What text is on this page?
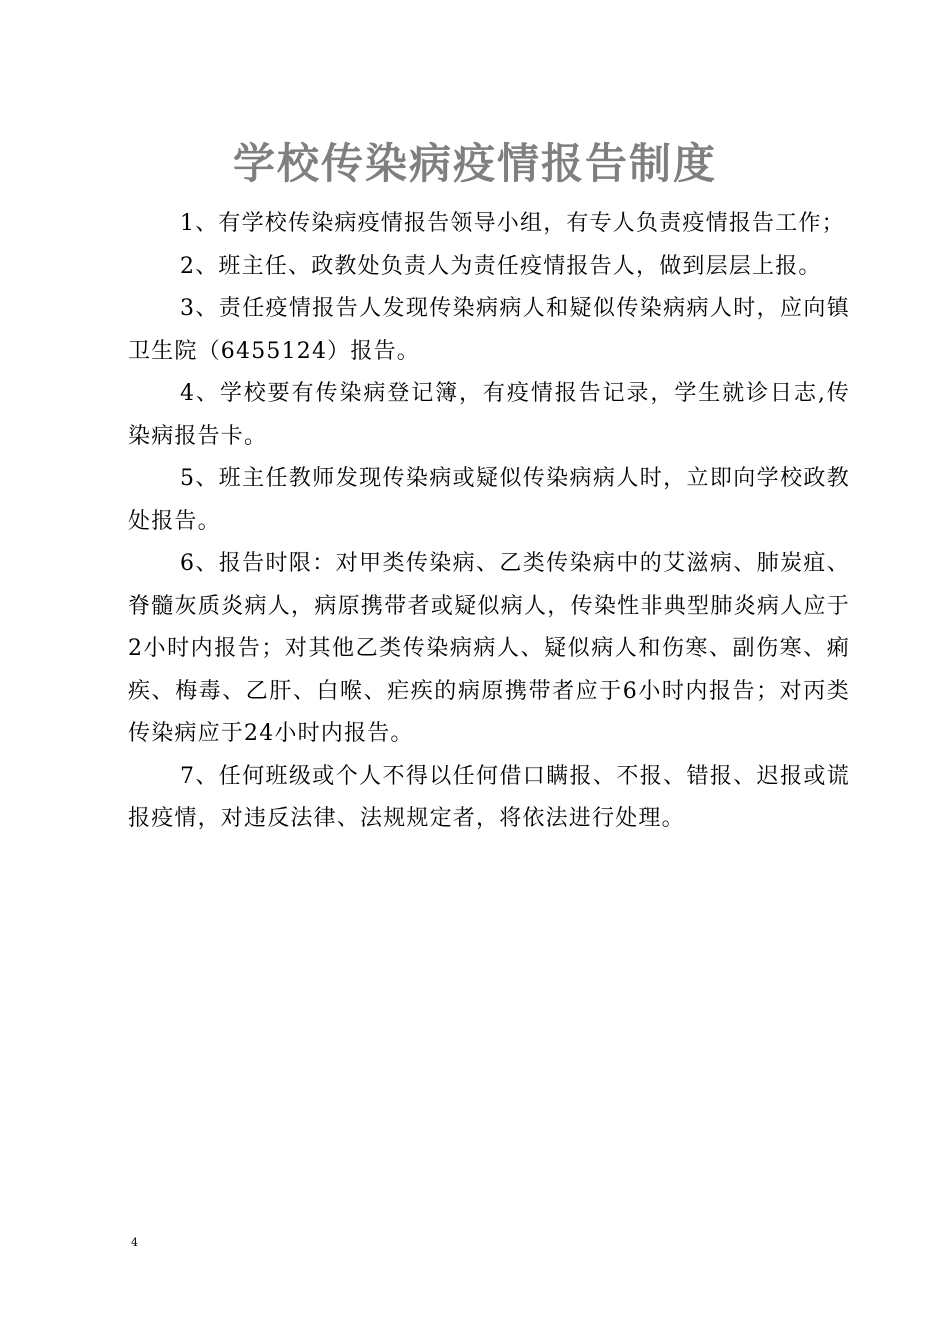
学校传染病疫情报告制度

1、有学校传染病疫情报告领导小组，有专人负责疫情报告工作；

2、班主任、政教处负责人为责任疫情报告人，做到层层上报。

3、责任疫情报告人发现传染病病人和疑似传染病病人时，应向镇卫生院（6455124）报告。

4、学校要有传染病登记簿，有疫情报告记录，学生就诊日志,传染病报告卡。

5、班主任教师发现传染病或疑似传染病病人时，立即向学校政教处报告。

6、报告时限：对甲类传染病、乙类传染病中的艾滋病、肺炭疽、脊髓灰质炎病人，病原携带者或疑似病人，传染性非典型肺炎病人应于2小时内报告；对其他乙类传染病病人、疑似病人和伤寒、副伤寒、痢疾、梅毒、乙肝、白喉、疟疾的病原携带者应于6小时内报告；对丙类传染病应于24小时内报告。

7、任何班级或个人不得以任何借口瞒报、不报、错报、迟报或谎报疫情，对违反法律、法规规定者，将依法进行处理。

4
